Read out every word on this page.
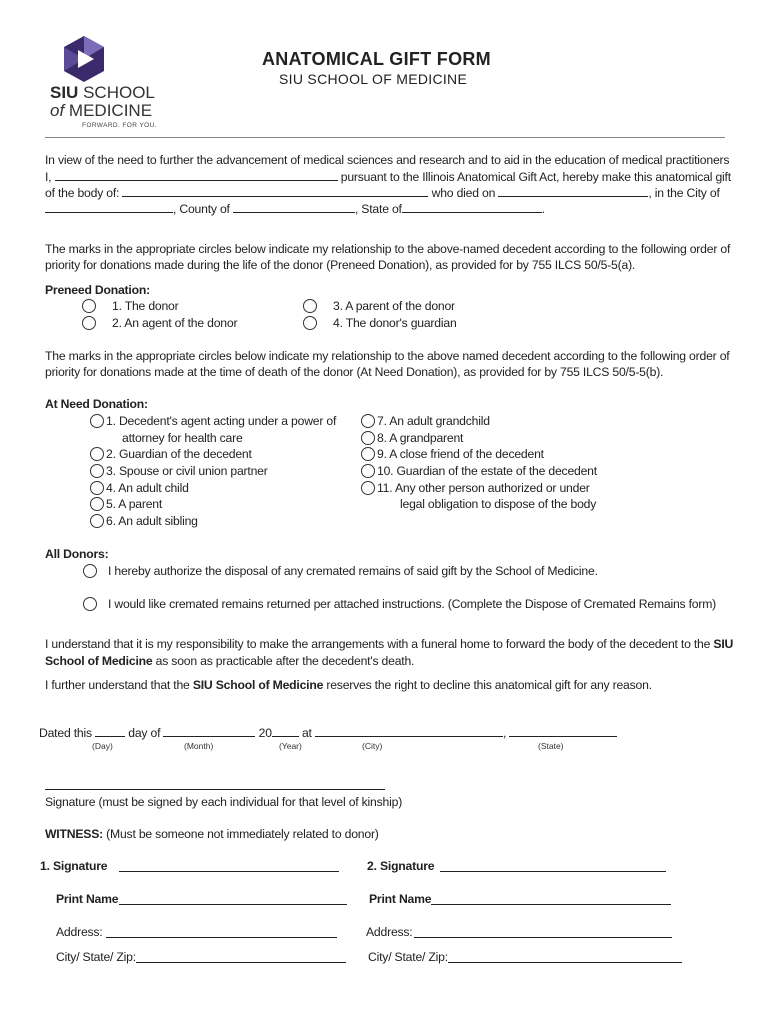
SIU SCHOOL
of MEDICINE
FORWARD. FOR YOU.
ANATOMICAL GIFT FORM
SIU SCHOOL OF MEDICINE
In view of the need to further the advancement of medical sciences and research and to aid in the education of medical practitioners
I,	pursuant to the Illinois Anatomical Gift Act, hereby make this anatomical gift
of the body of:	who died on	, in the City of
, County of	, State of	.
The marks in the appropriate circles below indicate my relationship to the above-named decedent according to the following order of
priority for donations made during the life of the donor (Preneed Donation), as provided for by 755 ILCS 50/5-5(a).
Preneed Donation:
1. The donor
2. An agent of the donor
3. A parent of the donor
4. The donor's guardian
The marks in the appropriate circles below indicate my relationship to the above named decedent according to the following order of
priority for donations made at the time of death of the donor (At Need Donation), as provided for by 755 ILCS 50/5-5(b).
At Need Donation:
1. Decedent's agent acting under a power of
attorney for health care
2. Guardian of the decedent
3. Spouse or civil union partner
4. An adult child
5. A parent
6. An adult sibling
7. An adult grandchild
8. A grandparent
9. A close friend of the decedent
10. Guardian of the estate of the decedent
11. Any other person authorized or under
legal obligation to dispose of the body
All Donors:
I hereby authorize the disposal of any cremated remains of said gift by the School of Medicine.
I would like cremated remains returned per attached instructions. (Complete the Dispose of Cremated Remains form)
I understand that it is my responsibility to make the arrangements with a funeral home to forward the body of the decedent to the SIU
School of Medicine as soon as practicable after the decedent's death.
I further understand that the SIU School of Medicine reserves the right to decline this anatomical gift for any reason.
Dated this	day of	20 at	,
(Day)	(Month)	(Year)	(City)	(State)
Signature (must be signed by each individual for that level of kinship)
WITNESS: (Must be someone not immediately related to donor)
1. Signature	2. Signature
Print Name	Print Name
Address:	Address:
City/ State/ Zip:	City/ State/ Zip:
